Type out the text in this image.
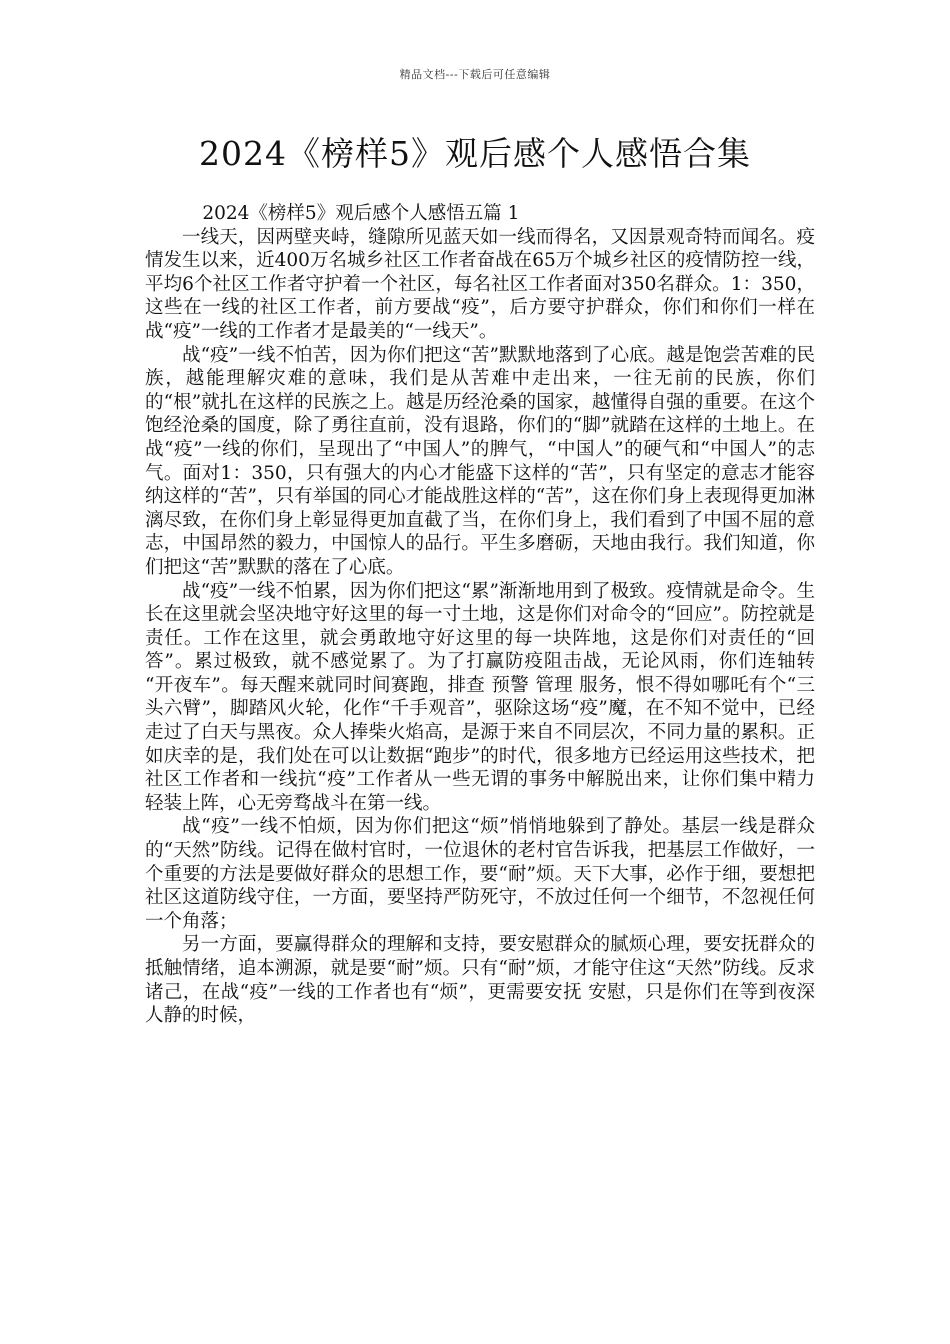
精品文档---下载后可任意编辑
2024《榜样5》观后感个人感悟合集

2024《榜样5》观后感个人感悟五篇 1

一线天，因两壁夹峙，缝隙所见蓝天如一线而得名，又因景观奇特而闻名。疫情发生以来，近400万名城乡社区工作者奋战在65万个城乡社区的疫情防控一线，平均6个社区工作者守护着一个社区，每名社区工作者面对350名群众。1：350，这些在一线的社区工作者，前方要战“疫”，后方要守护群众，你们和你们一样在战“疫”一线的工作者才是最美的“一线天”。

战“疫”一线不怕苦，因为你们把这“苦”默默地落到了心底。越是饱尝苦难的民族，越能理解灾难的意味，我们是从苦难中走出来，一往无前的民族，你们的“根”就扎在这样的民族之上。越是历经沧桑的国家，越懂得自强的重要。在这个饱经沧桑的国度，除了勇往直前，没有退路，你们的“脚”就踏在这样的土地上。在战“疫”一线的你们，呈现出了“中国人”的脾气，“中国人”的硬气和“中国人”的志气。面对1：350，只有强大的内心才能盛下这样的“苦”，只有坚定的意志才能容纳这样的“苦”，只有举国的同心才能战胜这样的“苦”，这在你们身上表现得更加淋漓尽致，在你们身上彰显得更加直截了当，在你们身上，我们看到了中国不屈的意志，中国昂然的毅力，中国惊人的品行。平生多磨砺，天地由我行。我们知道，你们把这“苦”默默的落在了心底。

战“疫”一线不怕累，因为你们把这“累”渐渐地用到了极致。疫情就是命令。生长在这里就会坚决地守好这里的每一寸土地，这是你们对命令的“回应”。防控就是责任。工作在这里，就会勇敢地守好这里的每一块阵地，这是你们对责任的“回答”。累过极致，就不感觉累了。为了打赢防疫阻击战，无论风雨，你们连轴转 “开夜车”。每天醒来就同时间赛跑，排查 预警 管理 服务，恨不得如哪吒有个“三头六臂”，脚踏风火轮，化作“千手观音”，驱除这场“疫”魔，在不知不觉中，已经走过了白天与黑夜。众人捧柴火焰高，是源于来自不同层次，不同力量的累积。正如庆幸的是，我们处在可以让数据“跑步”的时代，很多地方已经运用这些技术，把社区工作者和一线抗“疫”工作者从一些无谓的事务中解脱出来，让你们集中精力 轻装上阵，心无旁骛战斗在第一线。

战“疫”一线不怕烦，因为你们把这“烦”悄悄地躲到了静处。基层一线是群众的“天然”防线。记得在做村官时，一位退休的老村官告诉我，把基层工作做好，一个重要的方法是要做好群众的思想工作，要“耐”烦。天下大事，必作于细，要想把社区这道防线守住，一方面，要坚持严防死守，不放过任何一个细节，不忽视任何一个角落；

另一方面，要赢得群众的理解和支持，要安慰群众的腻烦心理，要安抚群众的抵触情绪，追本溯源，就是要“耐”烦。只有“耐”烦，才能守住这“天然”防线。反求诸己，在战“疫”一线的工作者也有“烦”，更需要安抚 安慰，只是你们在等到夜深人静的时候，
